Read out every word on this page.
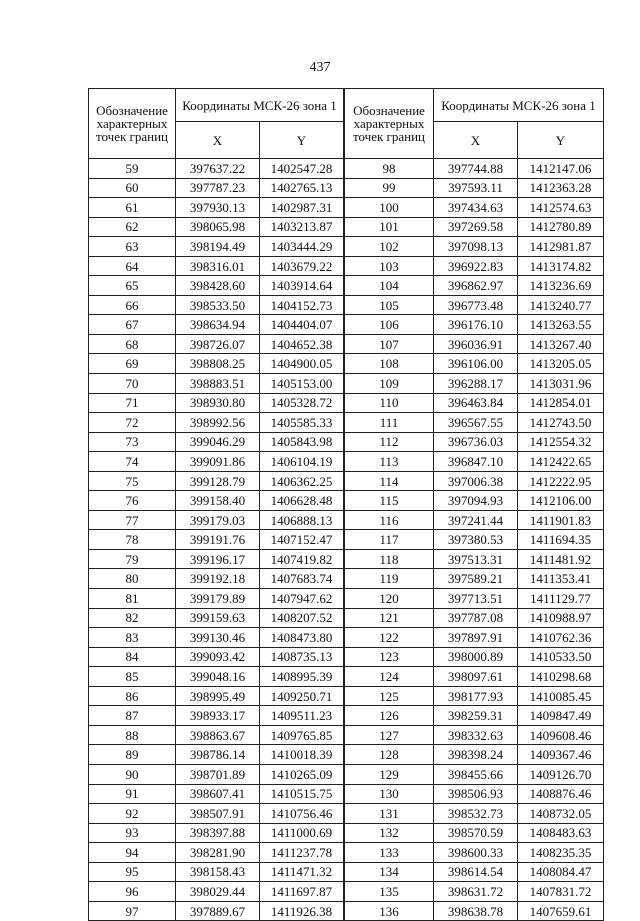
437
Обозначение характерных точек границ	Координаты МСК-26 зона 1	
	X	Y
59	397637.22	1402547.28
60	397787.23	1402765.13
61	397930.13	1402987.31
62	398065.98	1403213.87
63	398194.49	1403444.29
64	398316.01	1403679.22
65	398428.60	1403914.64
66	398533.50	1404152.73
67	398634.94	1404404.07
68	398726.07	1404652.38
69	398808.25	1404900.05
70	398883.51	1405153.00
71	398930.80	1405328.72
72	398992.56	1405585.33
73	399046.29	1405843.98
74	399091.86	1406104.19
75	399128.79	1406362.25
76	399158.40	1406628.48
77	399179.03	1406888.13
78	399191.76	1407152.47
79	399196.17	1407419.82
80	399192.18	1407683.74
81	399179.89	1407947.62
82	399159.63	1408207.52
83	399130.46	1408473.80
84	399093.42	1408735.13
85	399048.16	1408995.39
86	398995.49	1409250.71
87	398933.17	1409511.23
88	398863.67	1409765.85
89	398786.14	1410018.39
90	398701.89	1410265.09
91	398607.41	1410515.75
92	398507.91	1410756.46
93	398397.88	1411000.69
94	398281.90	1411237.78
95	398158.43	1411471.32
96	398029.44	1411697.87
97	397889.67	1411926.38
Обозначение характерных точек границ	Координаты МСК-26 зона 1	
	X	Y
98	397744.88	1412147.06
99	397593.11	1412363.28
100	397434.63	1412574.63
101	397269.58	1412780.89
102	397098.13	1412981.87
103	396922.83	1413174.82
104	396862.97	1413236.69
105	396773.48	1413240.77
106	396176.10	1413263.55
107	396036.91	1413267.40
108	396106.00	1413205.05
109	396288.17	1413031.96
110	396463.84	1412854.01
111	396567.55	1412743.50
112	396736.03	1412554.32
113	396847.10	1412422.65
114	397006.38	1412222.95
115	397094.93	1412106.00
116	397241.44	1411901.83
117	397380.53	1411694.35
118	397513.31	1411481.92
119	397589.21	1411353.41
120	397713.51	1411129.77
121	397787.08	1410988.97
122	397897.91	1410762.36
123	398000.89	1410533.50
124	398097.61	1410298.68
125	398177.93	1410085.45
126	398259.31	1409847.49
127	398332.63	1409608.46
128	398398.24	1409367.46
129	398455.66	1409126.70
130	398506.93	1408876.46
131	398532.73	1408732.05
132	398570.59	1408483.63
133	398600.33	1408235.35
134	398614.54	1408084.47
135	398631.72	1407831.72
136	398638.78	1407659.61
